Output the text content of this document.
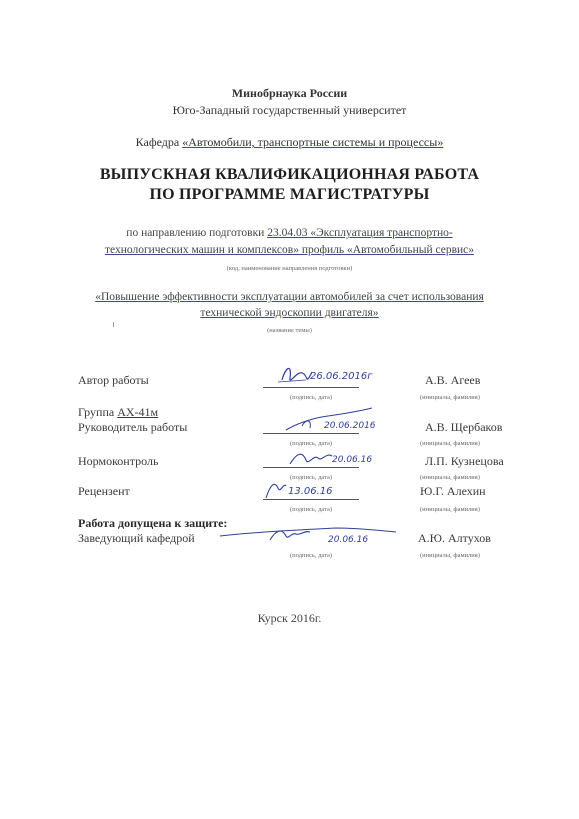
Минобрнаука России
Юго-Западный государственный университет
Кафедра «Автомобили, транспортные системы и процессы»
ВЫПУСКНАЯ КВАЛИФИКАЦИОННАЯ РАБОТА
ПО ПРОГРАММЕ МАГИСТРАТУРЫ
по направлению подготовки 23.04.03 «Эксплуатация транспортно-
технологических машин и комплексов» профиль «Автомобильный сервис»
(код, наименование направления подготовки)
«Повышение эффективности эксплуатации автомобилей за счет использования
технической эндоскопии двигателя»
(название темы)
Автор работы	26.06.2016г	А.В. Агеев
(подпись, дата)	(инициалы, фамилия)
Группа АХ-41м
Руководитель работы	20.06.2016	А.В. Щербаков
(подпись, дата)	(инициалы, фамилия)
Нормоконтроль	20.06.16	Л.П. Кузнецова
(подпись, дата)	(инициалы, фамилия)
Рецензент	13.06.16	Ю.Г. Алехин
(подпись, дата)	(инициалы, фамилия)
Работа допущена к защите:
Заведующий кафедрой	20.06.16	А.Ю. Алтухов
(подпись, дата)	(инициалы, фамилия)
Курск 2016г.
